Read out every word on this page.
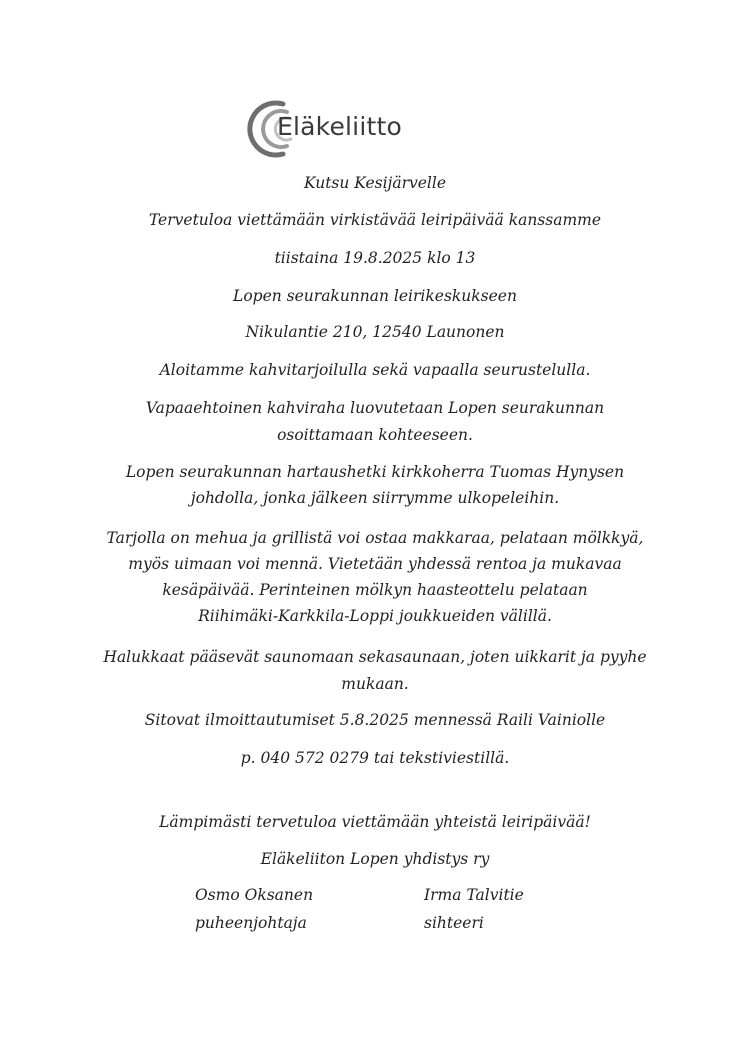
Eläkeliitto
Kutsu Kesijärvelle
Tervetuloa viettämään virkistävää leiripäivää kanssamme
tiistaina 19.8.2025 klo 13
Lopen seurakunnan leirikeskukseen
Nikulantie 210, 12540 Launonen
Aloitamme kahvitarjoilulla sekä vapaalla seurustelulla.
Vapaaehtoinen kahviraha luovutetaan Lopen seurakunnan
osoittamaan kohteeseen.
Lopen seurakunnan hartaushetki kirkkoherra Tuomas Hynysen
johdolla, jonka jälkeen siirrymme ulkopeleihin.
Tarjolla on mehua ja grillistä voi ostaa makkaraa, pelataan mölkkyä,
myös uimaan voi mennä. Vietetään yhdessä rentoa ja mukavaa
kesäpäivää. Perinteinen mölkyn haasteottelu pelataan
Riihimäki-Karkkila-Loppi joukkueiden välillä.
Halukkaat pääsevät saunomaan sekasaunaan, joten uikkarit ja pyyhe
mukaan.
Sitovat ilmoittautumiset 5.8.2025 mennessä Raili Vainiolle
p. 040 572 0279 tai tekstiviestillä.
Lämpimästi tervetuloa viettämään yhteistä leiripäivää!
Eläkeliiton Lopen yhdistys ry
Osmo Oksanen
puheenjohtaja
Irma Talvitie
sihteeri
